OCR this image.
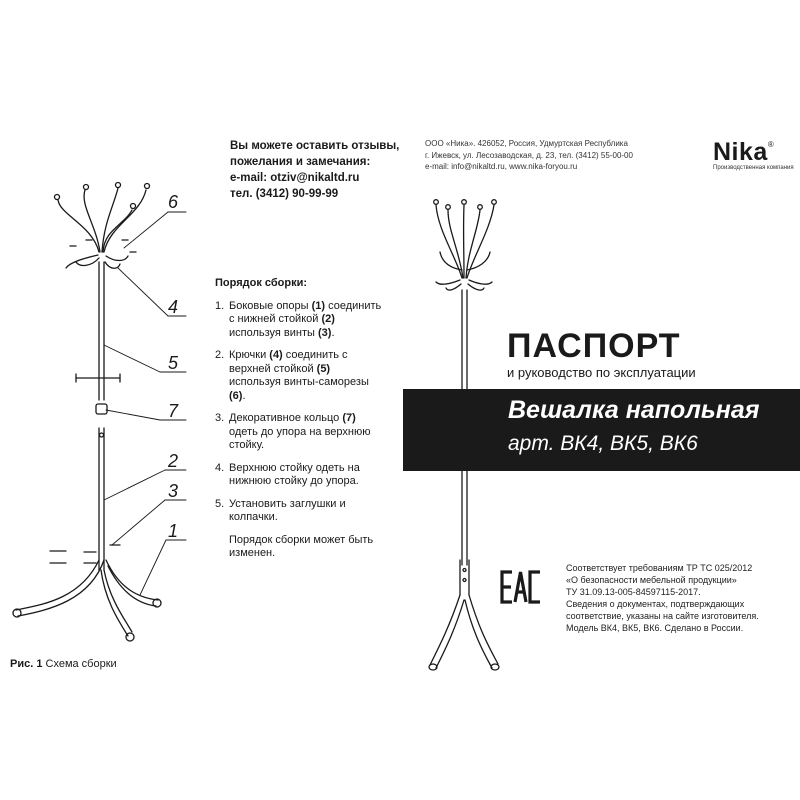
6
4
5
7
2
3
1
Вы можете оставить отзывы,
пожелания и замечания:
e-mail: otziv@nikaltd.ru
тел. (3412) 90-99-99
Порядок сборки:
1. Боковые опоры (1) соединить с нижней стойкой (2) используя винты (3).
2. Крючки (4) соединить с верхней стойкой (5) используя винты-саморезы (6).
3. Декоративное кольцо (7) одеть до упора на верхнюю стойку.
4. Верхнюю стойку одеть на нижнюю стойку до упора.
5. Установить заглушки и колпачки.
Порядок сборки может быть изменен.
Рис. 1 Схема сборки
ООО «Ника». 426052, Россия, Удмуртская Республика
г. Ижевск, ул. Лесозаводская, д. 23, тел. (3412) 55-00-00
e-mail: info@nikaltd.ru, www.nika-foryou.ru
Nika®
Производственная компания
ПАСПОРТ
и руководство по эксплуатации
Вешалка напольная
арт. ВК4, ВК5, ВК6
Соответствует требованиям ТР ТС 025/2012
«О безопасности мебельной продукции»
ТУ 31.09.13-005-84597115-2017.
Сведения о документах, подтверждающих соответствие, указаны на сайте изготовителя.
Модель ВК4, ВК5, ВК6. Сделано в России.
